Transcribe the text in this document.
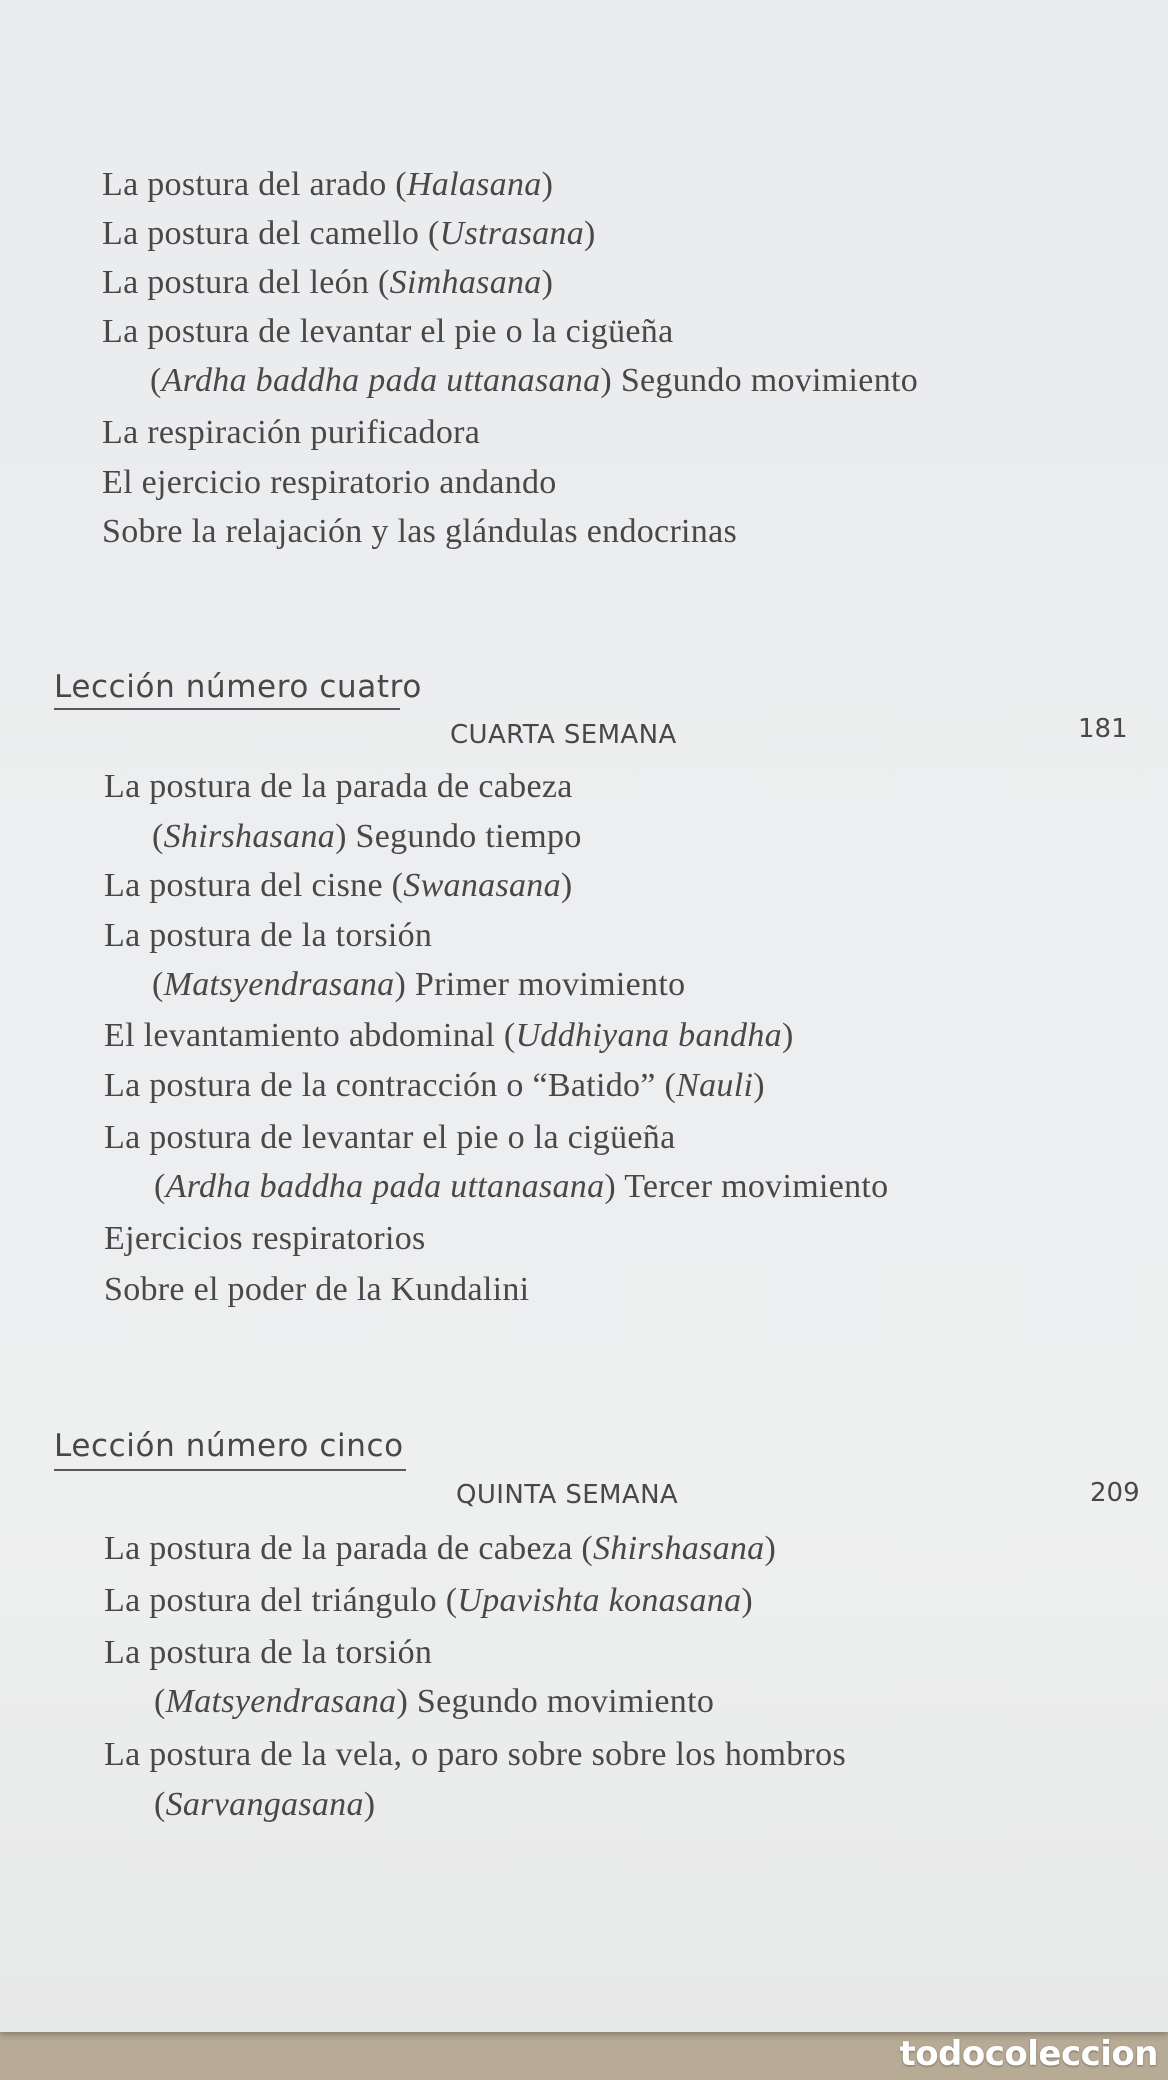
La postura del arado (Halasana)
La postura del camello (Ustrasana)
La postura del león (Simhasana)
La postura de levantar el pie o la cigüeña
(Ardha baddha pada uttanasana) Segundo movimiento
La respiración purificadora
El ejercicio respiratorio andando
Sobre la relajación y las glándulas endocrinas
Lección número cuatro
CUARTA SEMANA	181
La postura de la parada de cabeza
(Shirshasana) Segundo tiempo
La postura del cisne (Swanasana)
La postura de la torsión
(Matsyendrasana) Primer movimiento
El levantamiento abdominal (Uddhiyana bandha)
La postura de la contracción o “Batido” (Nauli)
La postura de levantar el pie o la cigüeña
(Ardha baddha pada uttanasana) Tercer movimiento
Ejercicios respiratorios
Sobre el poder de la Kundalini
Lección número cinco
QUINTA SEMANA	209
La postura de la parada de cabeza (Shirshasana)
La postura del triángulo (Upavishta konasana)
La postura de la torsión
(Matsyendrasana) Segundo movimiento
La postura de la vela, o paro sobre sobre los hombros
(Sarvangasana)
todocoleccion
